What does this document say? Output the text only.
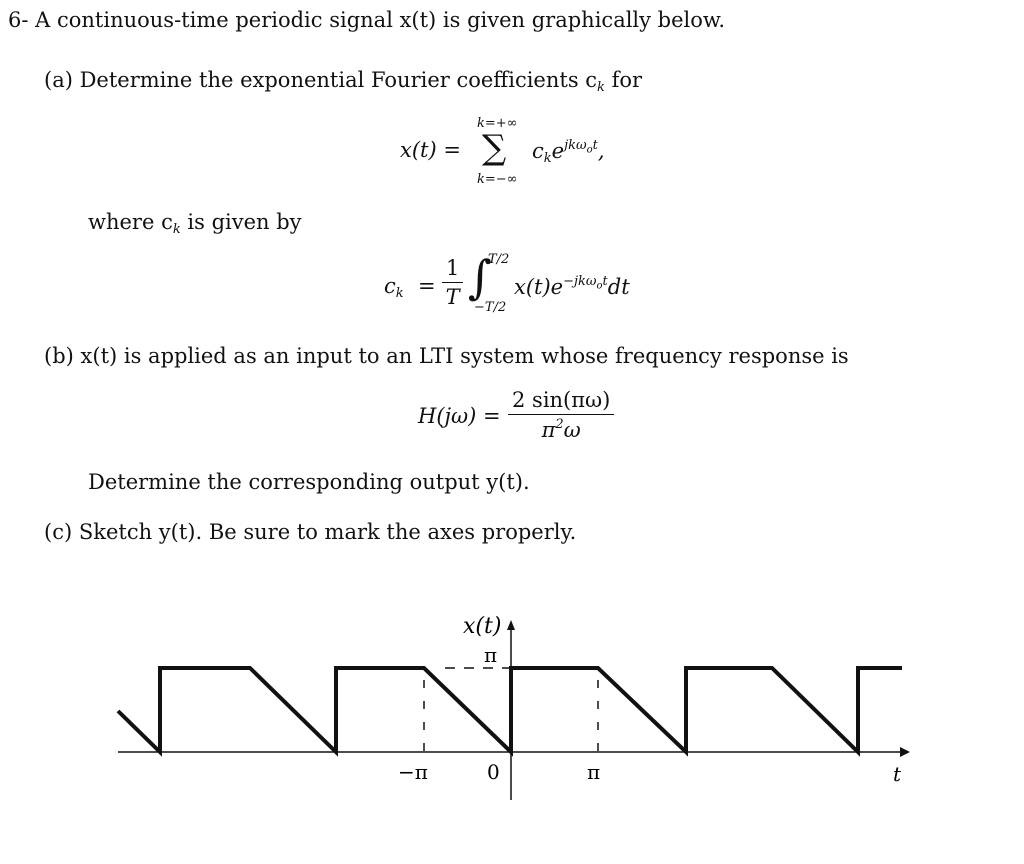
6- A continuous-time periodic signal x(t) is given graphically below.
(a) Determine the exponential Fourier coefficients $c_k$ for
x(t) =
k=+∞
∑
k=−∞
$c_ke^{jk\omega_ot}$,
where $c_k$ is given by
$c_k = \frac{1}{T}$ ∫
T/2
−T/2
$x(t)e^{-jk\omega_ot}dt$
(b) x(t) is applied as an input to an LTI system whose frequency response is
$H(j\omega) = \frac{2 \sin(\pi\omega)}{\pi^2\omega}$
Determine the corresponding output y(t).
(c) Sketch y(t). Be sure to mark the axes properly.
x(t)
π
−π	0	π	t
